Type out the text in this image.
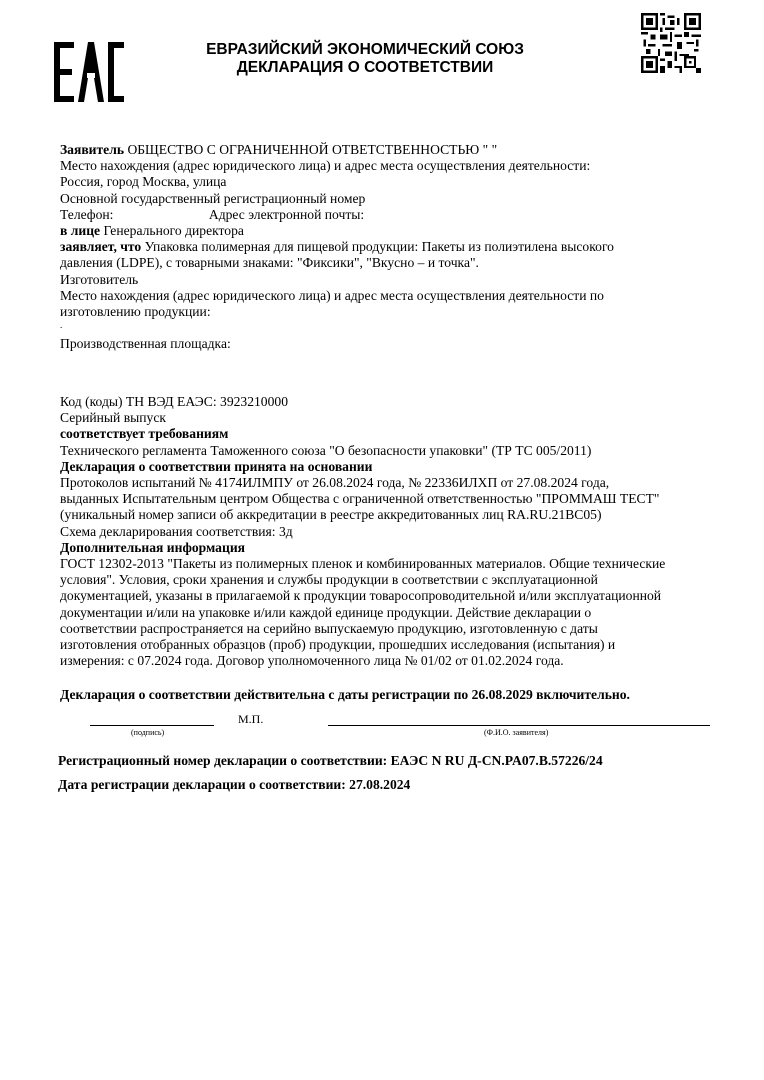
ЕВРАЗИЙСКИЙ ЭКОНОМИЧЕСКИЙ СОЮЗ
ДЕКЛАРАЦИЯ О СООТВЕТСТВИИ
Заявитель ОБЩЕСТВО С ОГРАНИЧЕННОЙ ОТВЕТСТВЕННОСТЬЮ " "
Место нахождения (адрес юридического лица) и адрес места осуществления деятельности:
Россия, город Москва, улица
Основной государственный регистрационный номер
Телефон:	Адрес электронной почты:
в лице Генерального директора
заявляет, что Упаковка полимерная для пищевой продукции: Пакеты из полиэтилена высокого
давления (LDPE), с товарными знаками: "Фиксики", "Вкусно – и точка".
Изготовитель
Место нахождения (адрес юридического лица) и адрес места осуществления деятельности по
изготовлению продукции:
.
Производственная площадка:
Код (коды) ТН ВЭД ЕАЭС: 3923210000
Серийный выпуск
соответствует требованиям
Технического регламента Таможенного союза "О безопасности упаковки" (ТР ТС 005/2011)
Декларация о соответствии принята на основании
Протоколов испытаний № 4174ИЛМПУ от 26.08.2024 года, № 22336ИЛХП от 27.08.2024 года,
выданных Испытательным центром Общества с ограниченной ответственностью "ПРОММАШ ТЕСТ"
(уникальный номер записи об аккредитации в реестре аккредитованных лиц RA.RU.21ВС05)
Схема декларирования соответствия: 3д
Дополнительная информация
ГОСТ 12302-2013 "Пакеты из полимерных пленок и комбинированных материалов. Общие технические
условия". Условия, сроки хранения и службы продукции в соответствии с эксплуатационной
документацией, указаны в прилагаемой к продукции товаросопроводительной и/или эксплуатационной
документации и/или на упаковке и/или каждой единице продукции. Действие декларации о
соответствии распространяется на серийно выпускаемую продукцию, изготовленную с даты
изготовления отобранных образцов (проб) продукции, прошедших исследования (испытания) и
измерения: с 07.2024 года. Договор уполномоченного лица № 01/02 от 01.02.2024 года.
Декларация о соответствии действительна с даты регистрации по 26.08.2029 включительно.
(подпись)
М.П.
(Ф.И.О. заявителя)
Регистрационный номер декларации о соответствии: ЕАЭС N RU Д-CN.PA07.В.57226/24
Дата регистрации декларации о соответствии: 27.08.2024
